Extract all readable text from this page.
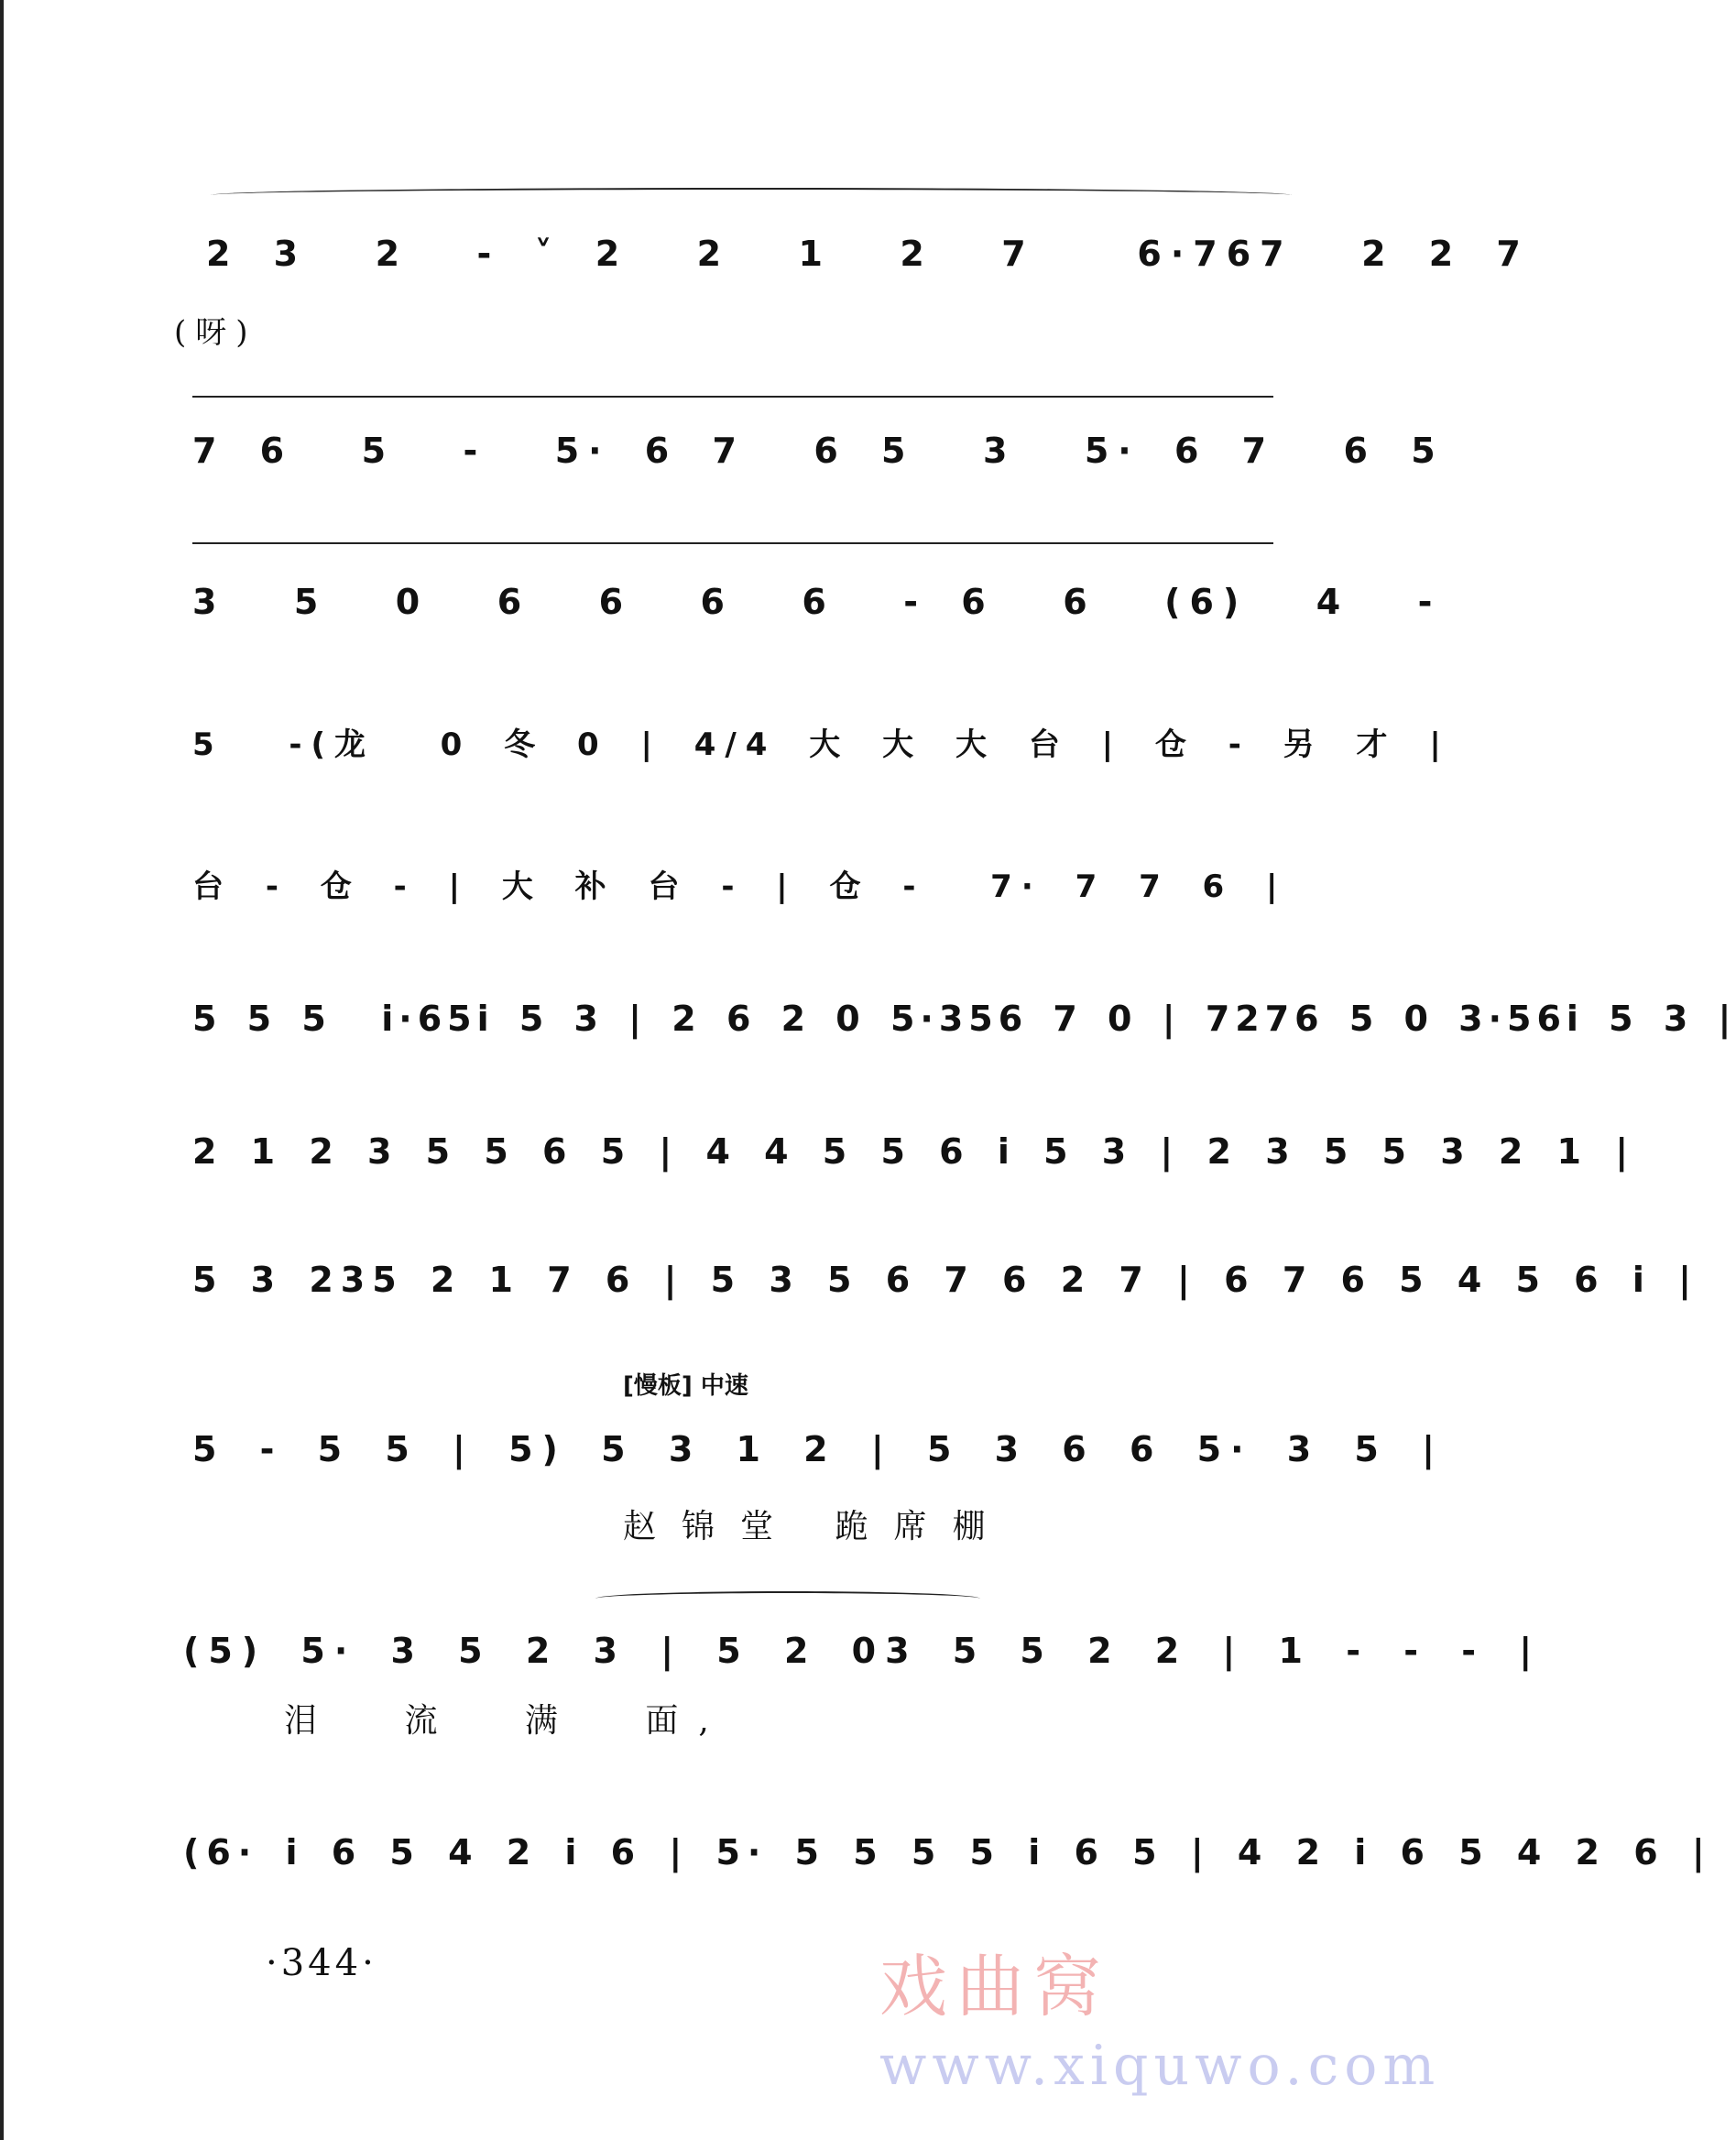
2 3  2  - ˅ 2  2  1  2  7   6·767  2 2 7
(呀)
7 6  5  -  5· 6 7  6 5  3  5· 6 7  6 5
3  5  0  6  6  6  6  - 6  6  (6)  4  -
5  -(龙  0 冬 0 | 4/4 大 大 大 台 | 仓 - 另 才 |
台 - 仓 - | 大 补 台 - | 仓 -  7· 7 7 6 |
5 5 5  i·65i 5 3 | 2 6 2 0 5·356 7 0 | 7276 5 0 3·56i 5 3 |
2 1 2 3 5 5 6 5 | 4 4 5 5 6 i 5 3 | 2 3 5 5 3 2 1 |
5 3 235 2 1 7 6 | 5 3 5 6 7 6 2 7 | 6 7 6 5 4 5 6 i |
[慢板] 中速
5 - 5 5 | 5) 5 3 1 2 | 5 3 6 6 5· 3 5 |
赵锦堂 跪席棚
(5) 5· 3 5 2 3 | 5 2 03 5 5 2 2 | 1 - - - |
泪 流 满 面,
(6· i 6 5 4 2 i 6 | 5· 5 5 5 5 i 6 5 | 4 2 i 6 5 4 2 6 |
·344·	戏曲窝
www.xiquwo.com
